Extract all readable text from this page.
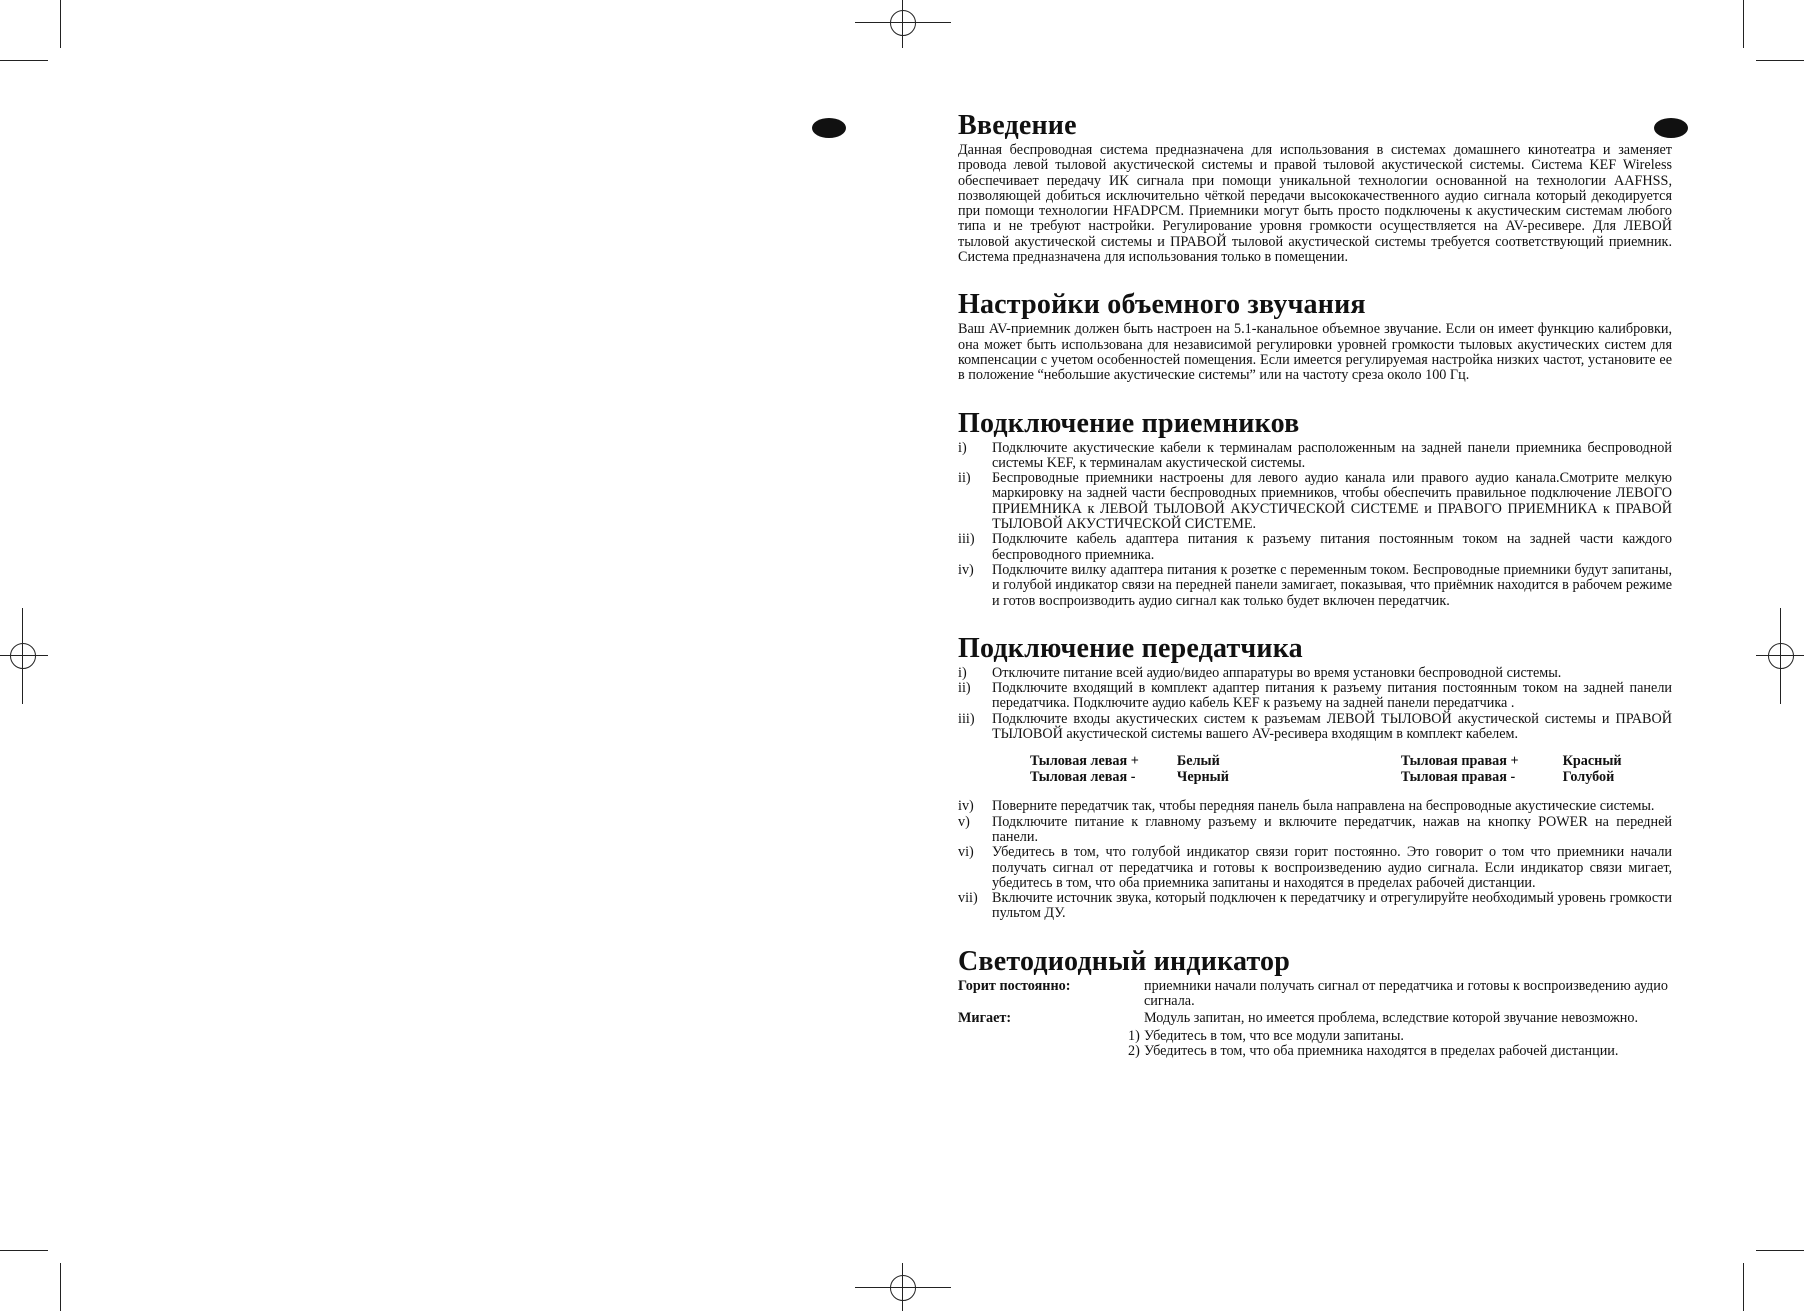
Введение

Данная беспроводная система предназначена для использования в системах домашнего кинотеатра и заменяет провода левой тыловой акустической системы и правой тыловой акустической системы. Система KEF Wireless обеспечивает передачу ИК сигнала при помощи уникальной технологии основанной на технологии AAFHSS, позволяющей добиться исключительно чёткой передачи высококачественного аудио сигнала который декодируется при помощи технологии HFADPCM. Приемники могут быть просто подключены к акустическим системам любого типа и не требуют настройки. Регулирование уровня громкости осуществляется на AV-ресивере. Для ЛЕВОЙ тыловой акустической системы и ПРАВОЙ тыловой акустической системы требуется соответствующий приемник. Система предназначена для использования только в помещении.

Настройки объемного звучания

Ваш AV-приемник должен быть настроен на 5.1-канальное объемное звучание. Если он имеет функцию калибровки, она может быть использована для независимой регулировки уровней громкости тыловых акустических систем для компенсации с учетом особенностей помещения. Если имеется регулируемая настройка низких частот, установите ее в положение “небольшие акустические системы” или на частоту среза около 100 Гц.

Подключение приемников
i) Подключите акустические кабели к терминалам расположенным на задней панели приемника беспроводной системы KEF, к терминалам акустической системы.
ii) Беспроводные приемники настроены для левого аудио канала или правого аудио канала.Смотрите мелкую маркировку на задней части беспроводных приемников, чтобы обеспечить правильное подключение ЛЕВОГО ПРИЕМНИКА к ЛЕВОЙ ТЫЛОВОЙ АКУСТИЧЕСКОЙ СИСТЕМЕ и ПРАВОГО ПРИЕМНИКА к ПРАВОЙ ТЫЛОВОЙ АКУСТИЧЕСКОЙ СИСТЕМЕ.
iii) Подключите кабель адаптера питания к разъему питания постоянным током на задней части каждого беспроводного приемника.
iv) Подключите вилку адаптера питания к розетке с переменным током. Беспроводные приемники будут запитаны, и голубой индикатор связи на передней панели замигает, показывая, что приёмник находится в рабочем режиме и готов воспроизводить аудио сигнал как только будет включен передатчик.
Подключение передатчика
i) Отключите питание всей аудио/видео аппаратуры во время установки беспроводной системы.
ii) Подключите входящий в комплект адаптер питания к разъему питания постоянным током на задней панели передатчика. Подключите аудио кабель KEF к разъему на задней панели передатчика .
iii) Подключите входы акустических систем к разъемам ЛЕВОЙ ТЫЛОВОЙ акустической системы и ПРАВОЙ ТЫЛОВОЙ акустической системы вашего AV-ресивера входящим в комплект кабелем.
Тыловая левая +	Белый	Тыловая правая +	Красный
Тыловая левая -	Черный	Тыловая правая -	Голубой
iv) Поверните передатчик так, чтобы передняя панель была направлена на беспроводные акустические системы.
v) Подключите питание к главному разъему и включите передатчик, нажав на кнопку POWER на передней панели.
vi) Убедитесь в том, что голубой индикатор связи горит постоянно. Это говорит о том что приемники начали получать сигнал от передатчика и готовы к воспроизведению аудио сигнала. Если индикатор связи мигает, убедитесь в том, что оба приемника запитаны и находятся в пределах рабочей дистанции.
vii) Включите источник звука, который подключен к передатчику и отрегулируйте необходимый уровень громкости пультом ДУ.
Светодиодный индикатор
Горит постоянно:	приемники начали получать сигнал от передатчика и готовы к воспроизведению аудио сигнала.
Мигает:	Модуль запитан, но имеется проблема, вследствие которой звучание невозможно.
1) Убедитесь в том, что все модули запитаны.
2) Убедитесь в том, что оба приемника находятся в пределах рабочей дистанции.
